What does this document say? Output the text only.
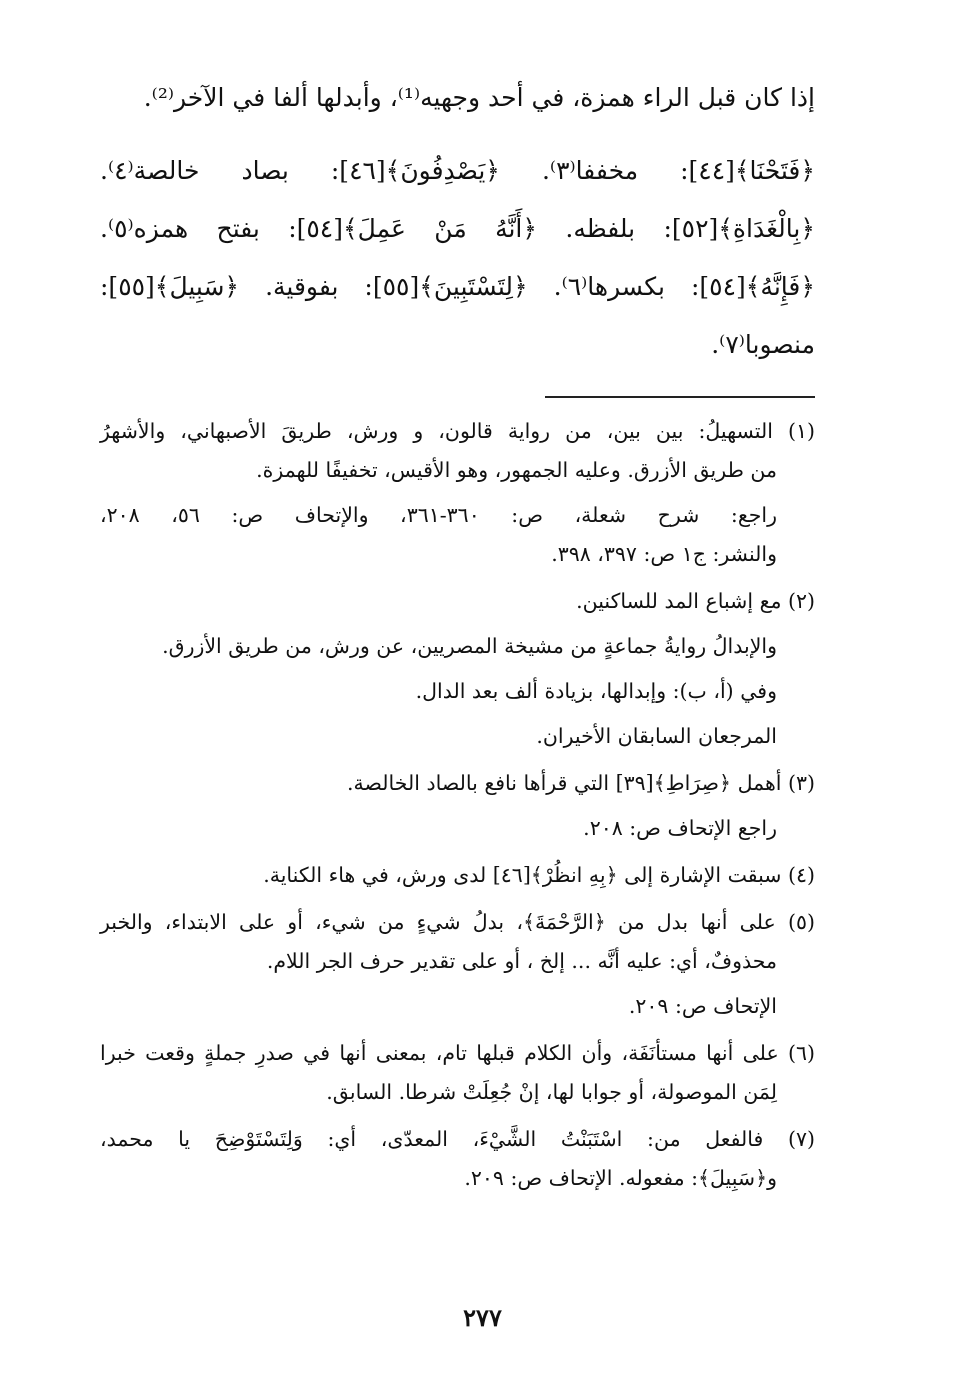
إذا كان قبل الراء همزة، في أحد وجهيه⁽¹⁾، وأبدلها ألفا في الآخر⁽²⁾.

﴿فَتَحْنَا﴾[٤٤]: مخففا⁽٣⁾. ﴿يَصْدِفُونَ﴾[٤٦]: بصاد خالصة⁽٤⁾.

﴿بِالْغَدَاةِ﴾[٥٢]: بلفظه. ﴿أَنَّهُ مَنْ عَمِلَ﴾[٥٤]: بفتح همزه⁽٥⁾.

﴿فَإِنَّهُ﴾[٥٤]: بكسرها⁽٦⁾. ﴿لِتَسْتَبِينَ﴾[٥٥]: بفوقية. ﴿سَبِيلَ﴾[٥٥]:

منصوبا⁽٧⁾.

(١) التسهيلُ: بين بين، من رواية قالون، و ورش، طريقَ الأصبهاني، والأشهرُ

من طريق الأزرق. وعليه الجمهور، وهو الأقيس، تخفيفًا للهمزة.

راجع: شرح شعلة، ص: ٣٦٠-٣٦١، والإتحاف ص: ٥٦، ٢٠٨،

والنشر: ج١ ص: ٣٩٧، ٣٩٨.

(٢) مع إشباع المد للساكنين.

والإبدالُ روايةُ جماعةٍ من مشيخة المصريين، عن ورش، من طريق الأزرق.

وفي (أ، ب): وإبدالها، بزيادة ألف بعد الدال.

المرجعان السابقان الأخيران.

(٣) أهمل ﴿صِرَاطِ﴾[٣٩] التي قرأها نافع بالصاد الخالصة.

راجع الإتحاف ص: ٢٠٨.

(٤) سبقت الإشارة إلى ﴿بِهِ انظُرْ﴾[٤٦] لدى ورش، في هاء الكناية.

(٥) على أنها بدل من ﴿الرَّحْمَةَ﴾، بدلُ شيءٍ من شيء، أو على الابتداء، والخبر

محذوفٌ، أي: عليه أنَّه ... إلخ ، أو على تقدير حرف الجر اللام.

الإتحاف ص: ٢٠٩.

(٦) على أنها مستأنَفَة، وأن الكلام قبلها تام، بمعنى أنها في صدرِ جملةٍ وقعت خبرا

لِمَن الموصولة، أو جوابا لها، إنْ جُعِلَتْ شرطا. السابق.

(٧) فالفعل من: اسْتَبَنْتُ الشَّيْءَ، المعدّى، أي: وَلِتَسْتَوْضِحَ يا محمد،

و﴿سَبِيلَ﴾: مفعوله. الإتحاف ص: ٢٠٩.

٢٧٧
